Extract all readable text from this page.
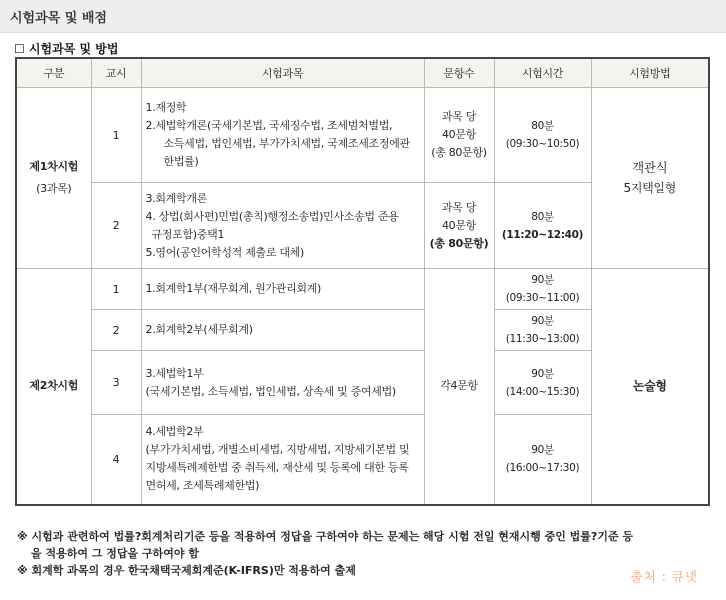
시험과목 및 배점
☐ 시험과목 및 방법
구분	교시	시험과목	문항수	시험시간	시험방법
제1차시험
(3과목)	1	1.재정학
2.세법학개론(국세기본법, 국세징수법, 조세범처벌법,
소득세법, 법인세법, 부가가치세법, 국제조세조정에관
한법률)	과목 당
40문항
(총 80문항)	80분
(09:30~10:50)	객관식
5지택일형
	2	3.회계학개론
4. 상법(회사편)민법(총칙)행정소송법)민사소송법 준용
규정포함)중택1
5.영어(공인어학성적 제출로 대체)	과목 당
40문항
(총 80문항)	80분
(11:20~12:40)	
제2차시험	1	1.회계학1부(재무회계, 원가관리회계)	각4문항	90분
(09:30~11:00)	논술형
	2	2.회계학2부(세무회계)		90분
(11:30~13:00)	
	3	3.세법학1부
(국세기본법, 소득세법, 법인세법, 상속세 및 증여세법)		90분
(14:00~15:30)	
	4	4.세법학2부
(부가가치세법, 개별소비세법, 지방세법, 지방세기본법 및
지방세특례제한법 중 취득세, 재산세 및 등록에 대한 등록
면허세, 조세특례제한법)		90분
(16:00~17:30)	
※ 시험과 관련하여 법률?회계처리기준 등을 적용하여 정답을 구하여야 하는 문제는 해당 시험 전일 현재시행 중인 법률?기준 등
을 적용하여 그 정답을 구하여야 함
※ 회계학 과목의 경우 한국채택국제회계준(K-IFRS)만 적용하여 출제	출처 : 큐넷
